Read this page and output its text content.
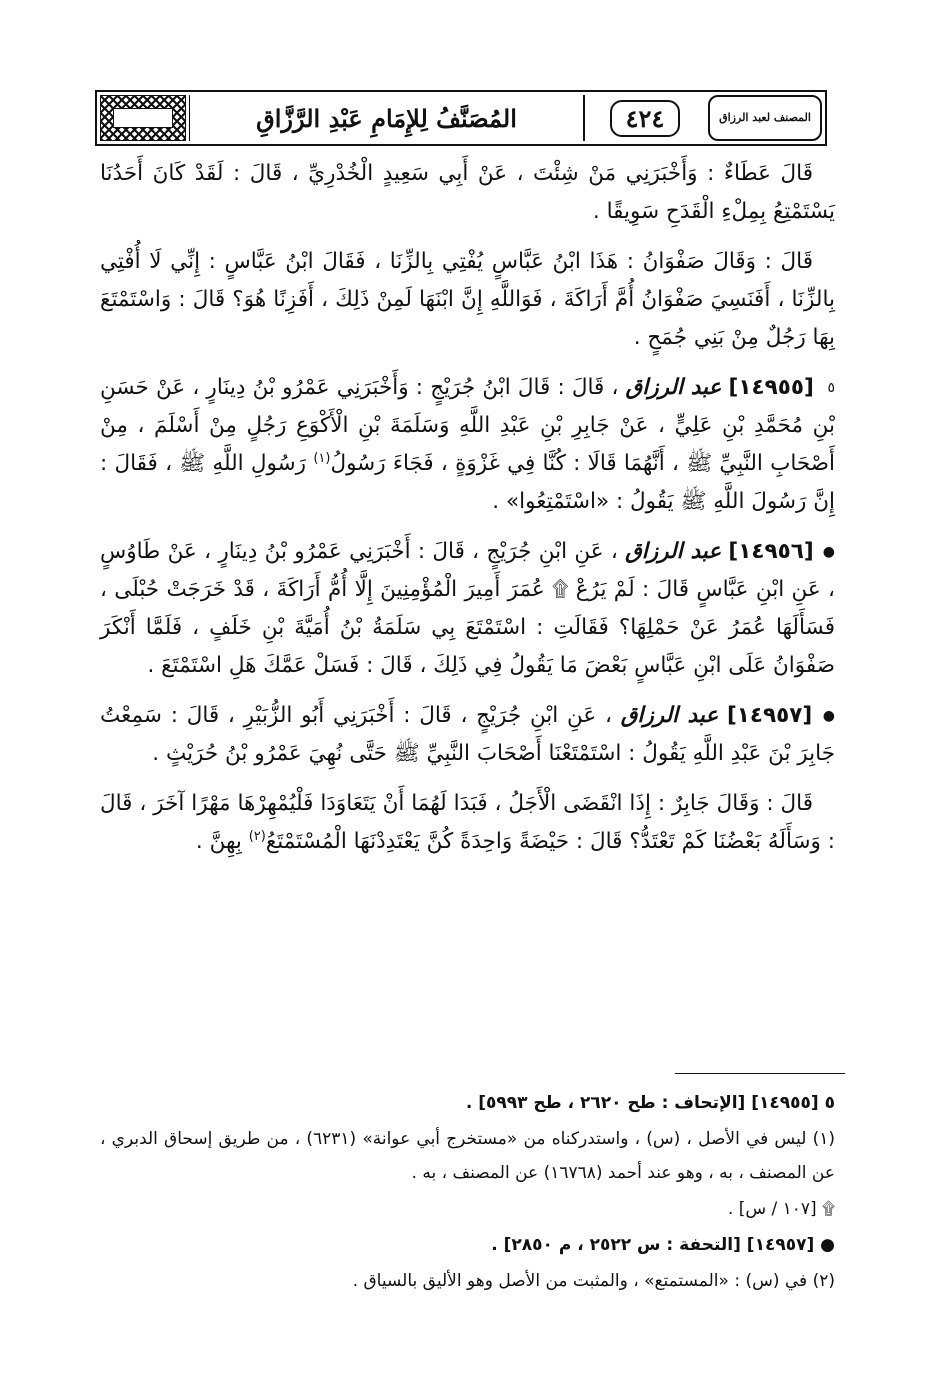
المُصَنَّفُ لِلإِمَامِ عَبْدِ الرَّزَّاقِ	٤٢٤	المصنف لعبد الرزاق

قَالَ عَطَاءٌ : وَأَخْبَرَنِي مَنْ شِئْتَ ، عَنْ أَبِي سَعِيدٍ الْخُدْرِيِّ ، قَالَ : لَقَدْ كَانَ أَحَدُنَا يَسْتَمْتِعُ بِمِلْءِ الْقَدَحِ سَوِيقًا .

قَالَ : وَقَالَ صَفْوَانُ : هَذَا ابْنُ عَبَّاسٍ يُفْتِي بِالزِّنَا ، فَقَالَ ابْنُ عَبَّاسٍ : إِنِّي لَا أُفْتِي بِالزِّنَا ، أَفَنَسِيَ صَفْوَانُ أُمَّ أَرَاكَةَ ، فَوَاللَّهِ إِنَّ ابْنَهَا لَمِنْ ذَلِكَ ، أَفَزِنًا هُوَ؟ قَالَ : وَاسْتَمْتَعَ بِهَا رَجُلٌ مِنْ بَنِي جُمَحٍ .

٥ [١٤٩٥٥] عبد الرزاق ، قَالَ : قَالَ ابْنُ جُرَيْجٍ : وَأَخْبَرَنِي عَمْرُو بْنُ دِينَارٍ ، عَنْ حَسَنِ بْنِ مُحَمَّدِ بْنِ عَلِيٍّ ، عَنْ جَابِرِ بْنِ عَبْدِ اللَّهِ وَسَلَمَةَ بْنِ الْأَكْوَعِ رَجُلٍ مِنْ أَسْلَمَ ، مِنْ أَصْحَابِ النَّبِيِّ ﷺ ، أَنَّهُمَا قَالَا : كُنَّا فِي غَزْوَةٍ ، فَجَاءَ رَسُولُ$^{(١)}$ رَسُولِ اللَّهِ ﷺ ، فَقَالَ : إِنَّ رَسُولَ اللَّهِ ﷺ يَقُولُ : «اسْتَمْتِعُوا» .

● [١٤٩٥٦] عبد الرزاق ، عَنِ ابْنِ جُرَيْجٍ ، قَالَ : أَخْبَرَنِي عَمْرُو بْنُ دِينَارٍ ، عَنْ طَاوُسٍ ، عَنِ ابْنِ عَبَّاسٍ قَالَ : لَمْ يَرُعْ ۩ عُمَرَ أَمِيرَ الْمُؤْمِنِينَ إِلَّا أُمُّ أَرَاكَةَ ، قَدْ خَرَجَتْ حُبْلَى ، فَسَأَلَهَا عُمَرُ عَنْ حَمْلِهَا؟ فَقَالَتِ : اسْتَمْتَعَ بِي سَلَمَةُ بْنُ أُمَيَّةَ بْنِ خَلَفٍ ، فَلَمَّا أَنْكَرَ صَفْوَانُ عَلَى ابْنِ عَبَّاسٍ بَعْضَ مَا يَقُولُ فِي ذَلِكَ ، قَالَ : فَسَلْ عَمَّكَ هَلِ اسْتَمْتَعَ .

● [١٤٩٥٧] عبد الرزاق ، عَنِ ابْنِ جُرَيْجٍ ، قَالَ : أَخْبَرَنِي أَبُو الزُّبَيْرِ ، قَالَ : سَمِعْتُ جَابِرَ بْنَ عَبْدِ اللَّهِ يَقُولُ : اسْتَمْتَعْنَا أَصْحَابَ النَّبِيِّ ﷺ حَتَّى نُهِيَ عَمْرُو بْنُ حُرَيْثٍ .

قَالَ : وَقَالَ جَابِرٌ : إِذَا انْقَضَى الْأَجَلُ ، فَبَدَا لَهُمَا أَنْ يَتَعَاوَدَا فَلْيُمْهِرْهَا مَهْرًا آخَرَ ، قَالَ : وَسَأَلَهُ بَعْضُنَا كَمْ تَعْتَدُّ؟ قَالَ : حَيْضَةً وَاحِدَةً كُنَّ يَعْتَدِدْنَهَا الْمُسْتَمْتَعُ$^{(٢)}$ بِهِنَّ .

٥ [١٤٩٥٥] [الإتحاف : طح ٢٦٢٠ ، طح ٥٩٩٣] .

(١) ليس في الأصل ، (س) ، واستدركناه من «مستخرج أبي عوانة» (٦٢٣١) ، من طريق إسحاق الدبري ، عن المصنف ، به ، وهو عند أحمد (١٦٧٦٨) عن المصنف ، به .

۩ [١٠٧ / س] .

● [١٤٩٥٧] [التحفة : س ٢٥٢٢ ، م ٢٨٥٠] .

(٢) في (س) : «المستمتع» ، والمثبت من الأصل وهو الأليق بالسياق .
